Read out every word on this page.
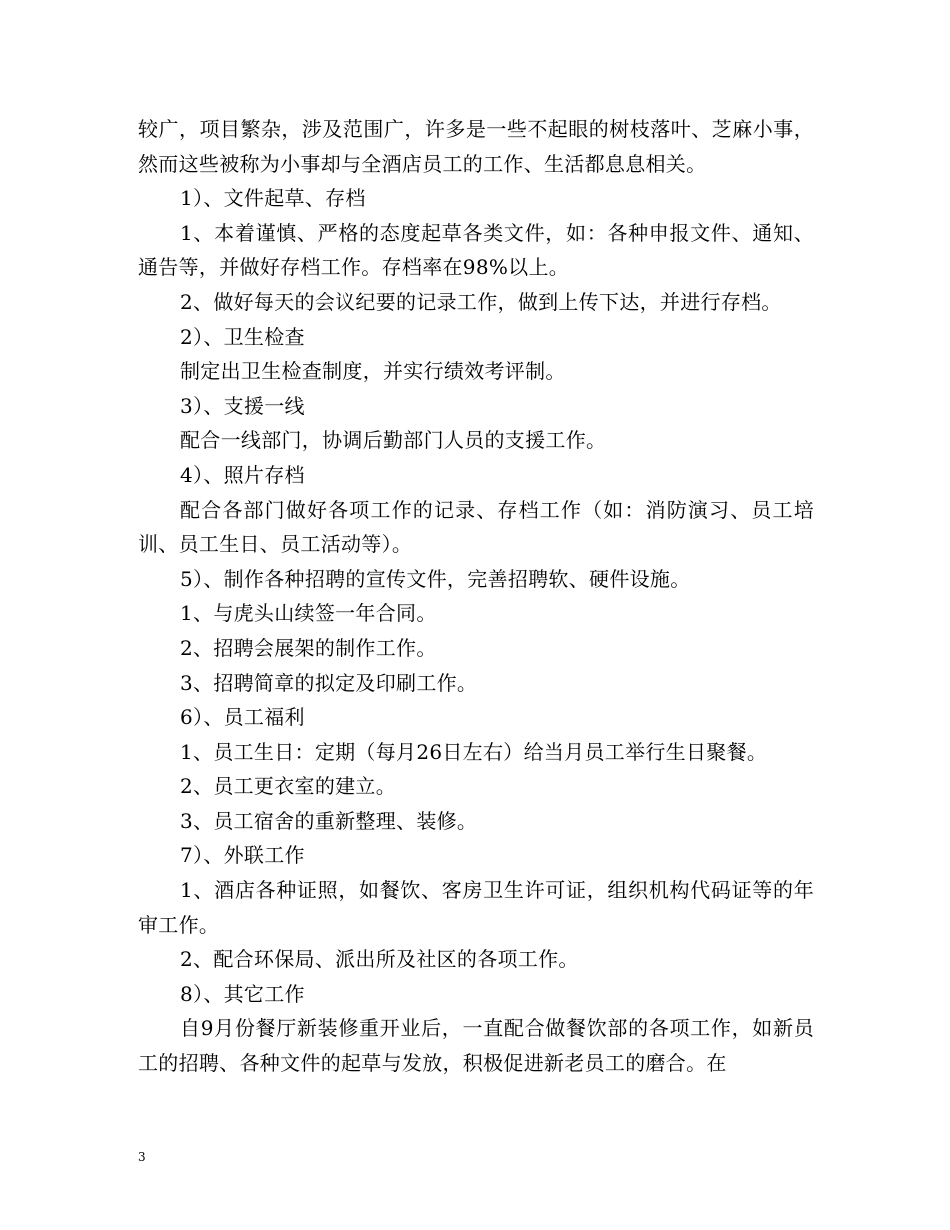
较广，项目繁杂，涉及范围广，许多是一些不起眼的树枝落叶、芝麻小事，然而这些被称为小事却与全酒店员工的工作、生活都息息相关。

1）、文件起草、存档

1、本着谨慎、严格的态度起草各类文件，如：各种申报文件、通知、通告等，并做好存档工作。存档率在98%以上。

2、做好每天的会议纪要的记录工作，做到上传下达，并进行存档。

2）、卫生检查

制定出卫生检查制度，并实行绩效考评制。

3）、支援一线

配合一线部门，协调后勤部门人员的支援工作。

4）、照片存档

配合各部门做好各项工作的记录、存档工作（如：消防演习、员工培训、员工生日、员工活动等）。

5）、制作各种招聘的宣传文件，完善招聘软、硬件设施。

1、与虎头山续签一年合同。

2、招聘会展架的制作工作。

3、招聘简章的拟定及印刷工作。

6）、员工福利

1、员工生日：定期（每月26日左右）给当月员工举行生日聚餐。

2、员工更衣室的建立。

3、员工宿舍的重新整理、装修。

7）、外联工作

1、酒店各种证照，如餐饮、客房卫生许可证，组织机构代码证等的年审工作。

2、配合环保局、派出所及社区的各项工作。

8）、其它工作

自9月份餐厅新装修重开业后，一直配合做餐饮部的各项工作，如新员工的招聘、各种文件的起草与发放，积极促进新老员工的磨合。在

3
